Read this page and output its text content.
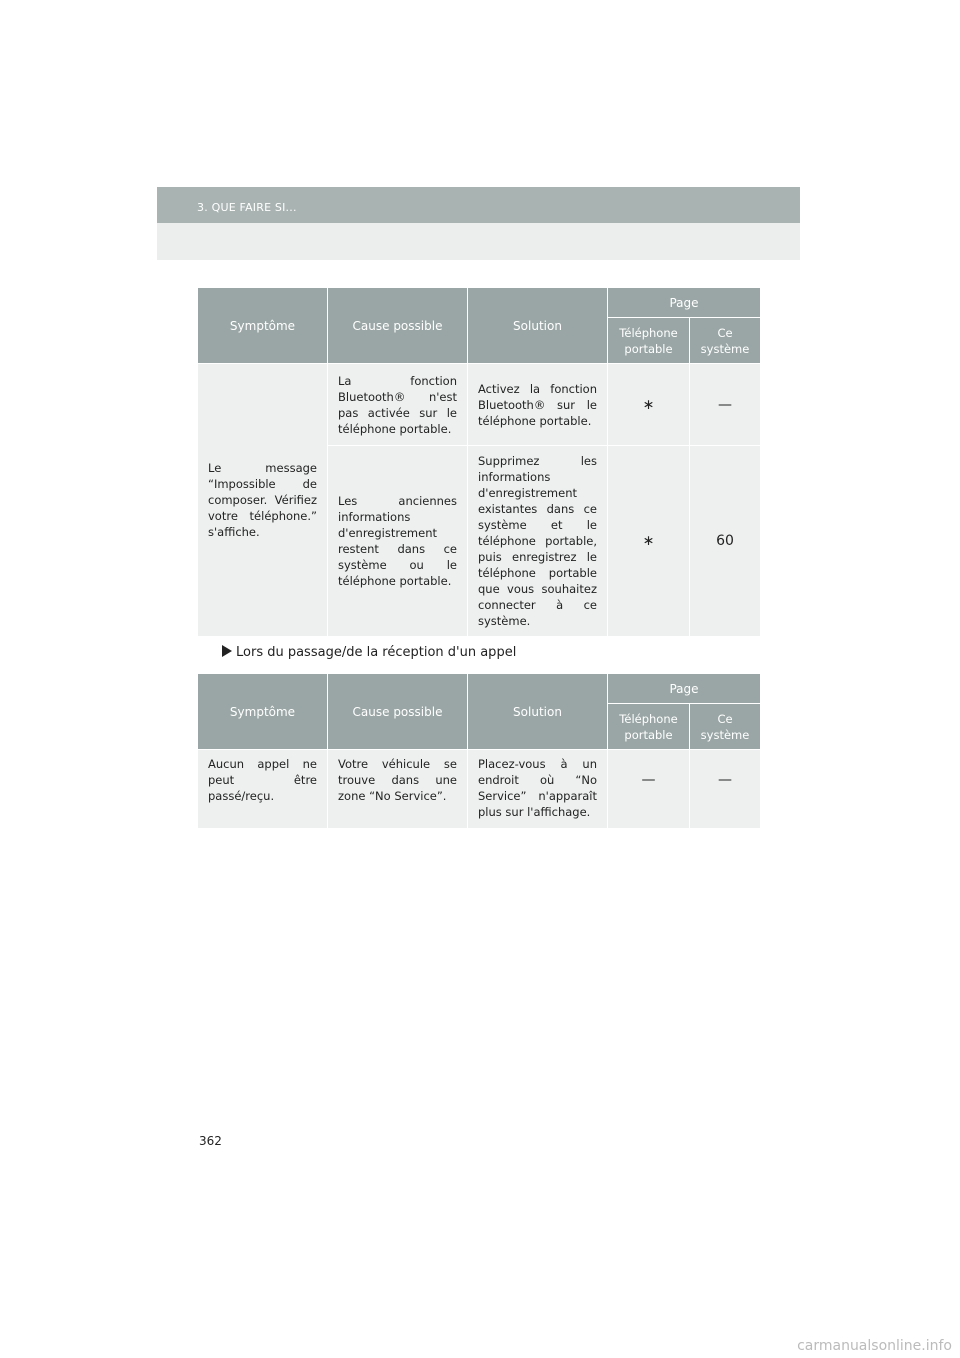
3. QUE FAIRE SI...
Symptôme	Cause possible	Solution	Page	
			Téléphone portable	Ce système
Le message “Impossible de composer. Vérifiez votre téléphone.” s'affiche.	La fonction Bluetooth® n'est pas activée sur le téléphone portable.	Activez la fonction Bluetooth® sur le téléphone portable.	∗	—
	Les anciennes informations d'enregistrement restent dans ce système ou le téléphone portable.	Supprimez les informations d'enregistrement existantes dans ce système et le téléphone portable, puis enregistrez le téléphone portable que vous souhaitez connecter à ce système.	∗	60
Lors du passage/de la réception d'un appel
Symptôme	Cause possible	Solution	Page	
			Téléphone portable	Ce système
Aucun appel ne peut être passé/reçu.	Votre véhicule se trouve dans une zone “No Service”.	Placez-vous à un endroit où “No Service” n'apparaît plus sur l'affichage.	—	—
362
carmanualsonline.info
